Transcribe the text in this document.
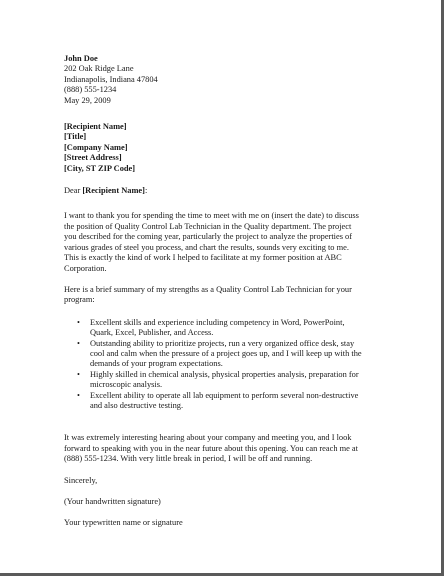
John Doe
202 Oak Ridge Lane
Indianapolis, Indiana 47804
(888) 555-1234
May 29, 2009
[Recipient Name]
[Title]
[Company Name]
[Street Address]
[City, ST ZIP Code]

Dear [Recipient Name]:

I want to thank you for spending the time to meet with me on (insert the date) to discuss
the position of Quality Control Lab Technician in the Quality department. The project
you described for the coming year, particularly the project to analyze the properties of
various grades of steel you process, and chart the results, sounds very exciting to me.
This is exactly the kind of work I helped to facilitate at my former position at ABC
Corporation.

Here is a brief summary of my strengths as a Quality Control Lab Technician for your
program:

• Excellent skills and experience including competency in Word, PowerPoint,
Quark, Excel, Publisher, and Access.
• Outstanding ability to prioritize projects, run a very organized office desk, stay
cool and calm when the pressure of a project goes up, and I will keep up with the
demands of your program expectations.
• Highly skilled in chemical analysis, physical properties analysis, preparation for
microscopic analysis.
• Excellent ability to operate all lab equipment to perform several non-destructive
and also destructive testing.

It was extremely interesting hearing about your company and meeting you, and I look
forward to speaking with you in the near future about this opening. You can reach me at
(888) 555-1234. With very little break in period, I will be off and running.

Sincerely,

(Your handwritten signature)

Your typewritten name or signature
